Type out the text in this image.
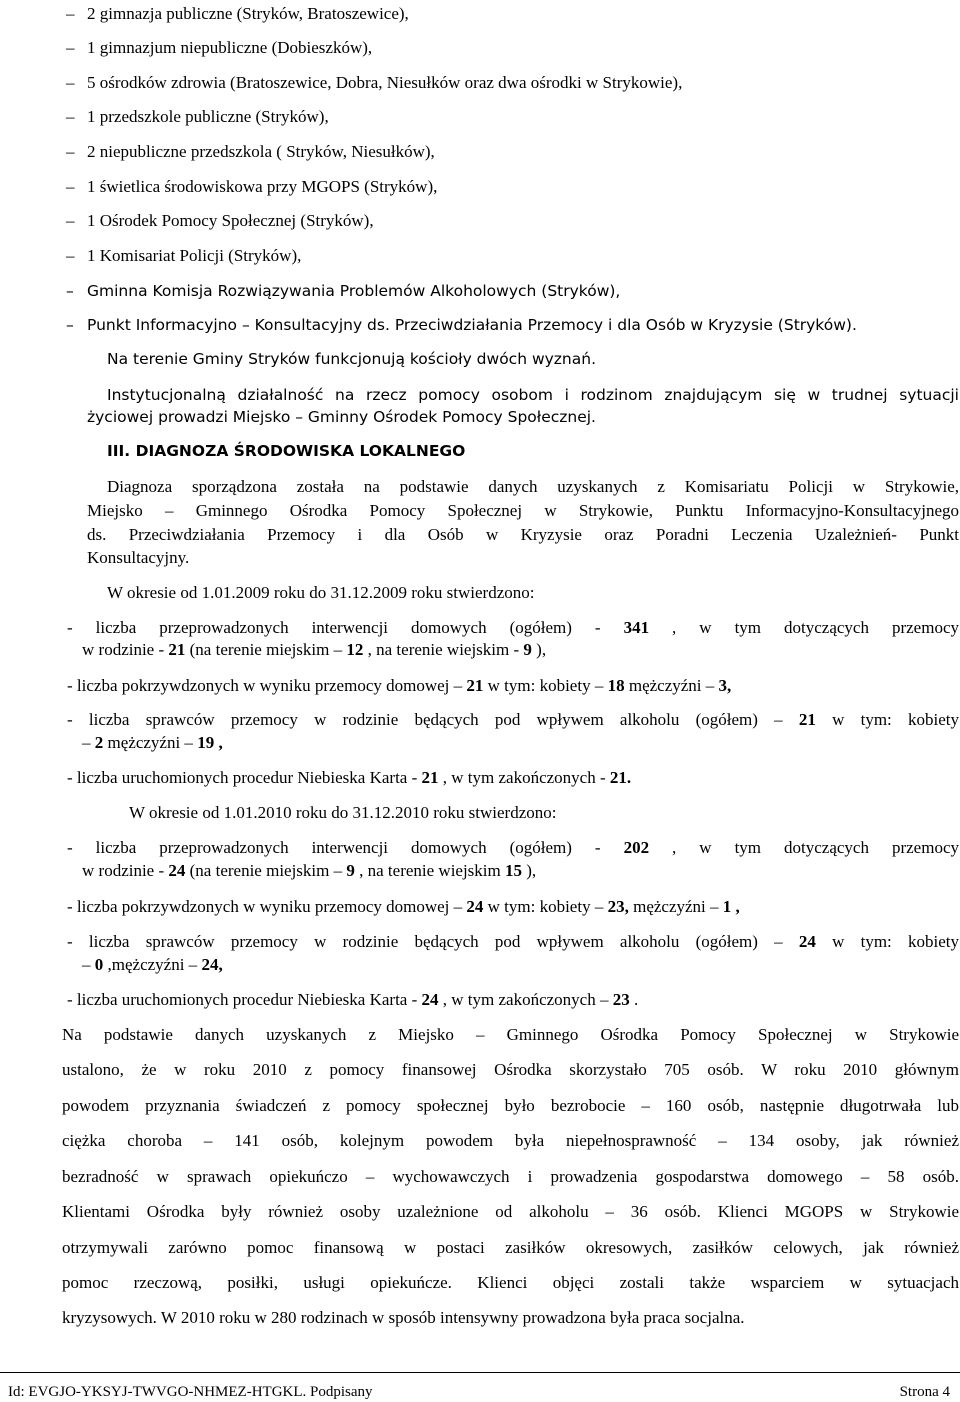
– 2 gimnazja publiczne (Stryków, Bratoszewice),
– 1 gimnazjum niepubliczne (Dobieszków),
– 5 ośrodków zdrowia (Bratoszewice, Dobra, Niesułków oraz dwa ośrodki w Strykowie),
– 1 przedszkole publiczne (Stryków),
– 2 niepubliczne przedszkola ( Stryków, Niesułków),
– 1 świetlica środowiskowa przy MGOPS (Stryków),
– 1 Ośrodek Pomocy Społecznej (Stryków),
– 1 Komisariat Policji (Stryków),
– Gminna Komisja Rozwiązywania Problemów Alkoholowych (Stryków),
– Punkt Informacyjno – Konsultacyjny ds. Przeciwdziałania Przemocy i dla Osób w Kryzysie (Stryków).
Na terenie Gminy Stryków funkcjonują kościoły dwóch wyznań.
Instytucjonalną działalność na rzecz pomocy osobom i rodzinom znajdującym się w trudnej sytuacji
życiowej prowadzi Miejsko – Gminny Ośrodek Pomocy Społecznej.
III. DIAGNOZA ŚRODOWISKA LOKALNEGO
Diagnoza sporządzona została na podstawie danych uzyskanych z Komisariatu Policji w Strykowie,
Miejsko – Gminnego Ośrodka Pomocy Społecznej w Strykowie, Punktu Informacyjno-Konsultacyjnego
ds. Przeciwdziałania Przemocy i dla Osób w Kryzysie oraz Poradni Leczenia Uzależnień- Punkt
Konsultacyjny.
W okresie od 1.01.2009 roku do 31.12.2009 roku stwierdzono:
- liczba przeprowadzonych interwencji domowych (ogółem) - 341 , w tym dotyczących przemocy
w rodzinie - 21 (na terenie miejskim – 12 , na terenie wiejskim - 9 ),
- liczba pokrzywdzonych w wyniku przemocy domowej – 21 w tym: kobiety – 18 mężczyźni – 3,
- liczba sprawców przemocy w rodzinie będących pod wpływem alkoholu (ogółem) – 21 w tym: kobiety
– 2 mężczyźni – 19 ,
- liczba uruchomionych procedur Niebieska Karta - 21 , w tym zakończonych - 21.
W okresie od 1.01.2010 roku do 31.12.2010 roku stwierdzono:
- liczba przeprowadzonych interwencji domowych (ogółem) - 202 , w tym dotyczących przemocy
w rodzinie - 24 (na terenie miejskim – 9 , na terenie wiejskim 15 ),
- liczba pokrzywdzonych w wyniku przemocy domowej – 24 w tym: kobiety – 23, mężczyźni – 1 ,
- liczba sprawców przemocy w rodzinie będących pod wpływem alkoholu (ogółem) – 24 w tym: kobiety
– 0 ,mężczyźni – 24,
- liczba uruchomionych procedur Niebieska Karta - 24 , w tym zakończonych – 23 .
Na podstawie danych uzyskanych z Miejsko – Gminnego Ośrodka Pomocy Społecznej w Strykowie
ustalono, że w roku 2010 z pomocy finansowej Ośrodka skorzystało 705 osób. W roku 2010 głównym
powodem przyznania świadczeń z pomocy społecznej było bezrobocie – 160 osób, następnie długotrwała lub
ciężka choroba – 141 osób, kolejnym powodem była niepełnosprawność – 134 osoby, jak również
bezradność w sprawach opiekuńczo – wychowawczych i prowadzenia gospodarstwa domowego – 58 osób.
Klientami Ośrodka były również osoby uzależnione od alkoholu – 36 osób. Klienci MGOPS w Strykowie
otrzymywali zarówno pomoc finansową w postaci zasiłków okresowych, zasiłków celowych, jak również
pomoc rzeczową, posiłki, usługi opiekuńcze. Klienci objęci zostali także wsparciem w sytuacjach
kryzysowych. W 2010 roku w 280 rodzinach w sposób intensywny prowadzona była praca socjalna.
Id: EVGJO-YKSYJ-TWVGO-NHMEZ-HTGKL. Podpisany	Strona 4
